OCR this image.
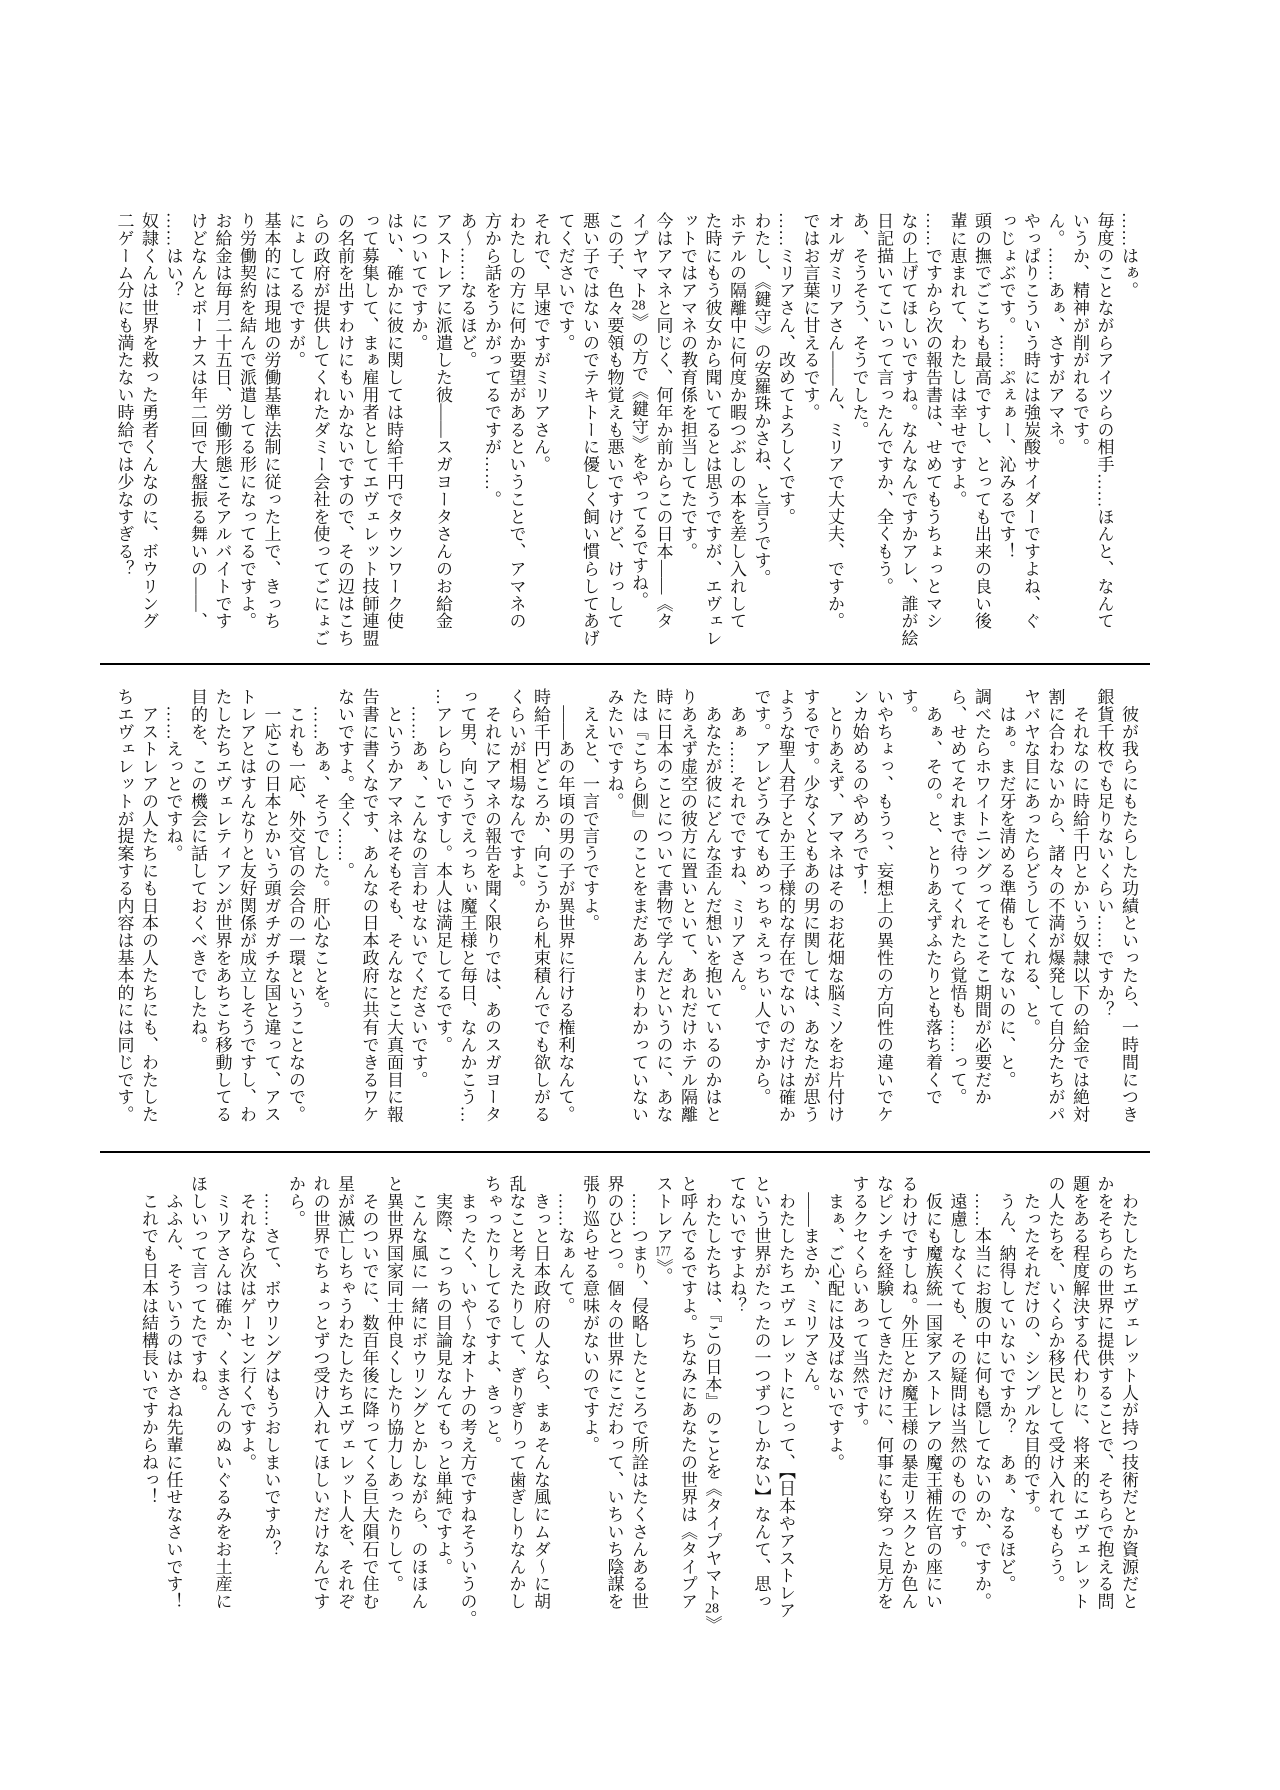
……はぁ。

毎度のことながらアイツらの相手……ほんと、なんて

いうか、精神が削がれるです。

ん。……あぁ、さすがアマネ。

やっぱりこういう時には強炭酸サイダーですよね、ぐ

っじょぶです。……ぷぇぁー、沁みるです！

頭の撫でごこちも最高ですし、とっても出来の良い後

輩に恵まれて、わたしは幸せですよ。

……ですから次の報告書は、せめてもうちょっとマシ

なの上げてほしいですね。なんなんですかアレ、誰が絵

日記描いてこいって言ったんですか、全くもう。

あ、そうそう、そうでした。

オルガミリアさん――ん、ミリアで大丈夫、ですか。

ではお言葉に甘えるです。

……ミリアさん、改めてよろしくです。

わたし、《鍵守》の安羅珠かさね、と言うです。

ホテルの隔離中に何度か暇つぶしの本を差し入れして

た時にもう彼女から聞いてるとは思うですが、エヴェレ

ットではアマネの教育係を担当してたです。

今はアマネと同じく、何年か前からこの日本――《タ

イプヤマト28》の方で《鍵守》をやってるですね。

この子、色々要領も物覚えも悪いですけど、けっして

悪い子ではないのでテキトーに優しく飼い慣らしてあげ

てくださいです。

それで、早速ですがミリアさん。

わたしの方に何か要望があるということで、アマネの

方から話をうかがってるですが……。

あ〜……なるほど。

アストレアに派遣した彼――スガヨータさんのお給金

についてですか。

はい、確かに彼に関しては時給千円でタウンワーク使

って募集して、まぁ雇用者としてエヴェレット技師連盟

の名前を出すわけにもいかないですので、その辺はこち

らの政府が提供してくれたダミー会社を使ってごにょご

にょしてるですが。

基本的には現地の労働基準法制に従った上で、きっち

り労働契約を結んで派遣してる形になってるですよ。

お給金は毎月二十五日、労働形態こそアルバイトです

けどなんとボーナスは年二回で大盤振る舞いの――、

……はい？

奴隷くんは世界を救った勇者くんなのに、ボウリング

二ゲーム分にも満たない時給では少なすぎる？

　彼が我らにもたらした功績といったら、一時間につき

銀貨千枚でも足りないくらい……ですか？

　それなのに時給千円とかいう奴隷以下の給金では絶対

割に合わないから、諸々の不満が爆発して自分たちがパ

ヤバヤな目にあったらどうしてくれる、と。

　はぁ。まだ牙を清める準備もしてないのに、と。

調べたらホワイトニングってそこそこ期間が必要だか

ら、せめてそれまで待ってくれたら覚悟も……って。

　あぁ、その。と、とりあえずふたりとも落ち着くです。

いやちょっ、もうっ、妄想上の異性の方向性の違いでケ

ンカ始めるのやめろです！

　とりあえず、アマネはそのお花畑な脳ミソをお片付け

するです。少なくともあの男に関しては、あなたが思う

ような聖人君子とか王子様的な存在でないのだけは確か

です。アレどうみてもめっちゃえっちぃ人ですから。

　あぁ……それでですね、ミリアさん。

　あなたが彼にどんな歪んだ想いを抱いているのかはと

りあえず虚空の彼方に置いといて、あれだけホテル隔離

時に日本のことについて書物で学んだというのに、あな

たは『こちら側』のことをまだあんまりわかっていない

みたいですね。

　ええと、一言で言うですよ。

　――あの年頃の男の子が異世界に行ける権利なんて。

時給千円どころか、向こうから札束積んででも欲しがる

くらいが相場なんですよ。

　それにアマネの報告を聞く限りでは、あのスガヨータ

って男、向こうでえっちぃ魔王様と毎日、なんかこう…

…アレらしいですし。本人は満足してるです。

　……あぁ、こんなの言わせないでくださいです。

　というかアマネはそもそも、そんなとこ大真面目に報

告書に書くなです、あんなの日本政府に共有できるワケ

ないですよ。全く……。

　……あぁ、そうでした。肝心なことを。

　これも一応、外交官の会合の一環ということなので。

　一応この日本とかいう頭ガチガチな国と違って、アス

トレアとはすんなりと友好関係が成立しそうですし、わ

たしたちエヴェレティアンが世界をあちこち移動してる

目的を、この機会に話しておくべきでしたね。

　……えっとですね。

　アストレアの人たちにも日本の人たちにも、わたした

ちエヴェレットが提案する内容は基本的には同じです。

　わたしたちエヴェレット人が持つ技術だとか資源だと

かをそちらの世界に提供することで、そちらで抱える問

題をある程度解決する代わりに、将来的にエヴェレット

の人たちを、いくらか移民として受け入れてもらう。

　たったそれだけの、シンプルな目的です。

　うん、納得していないですか？　あぁ、なるほど。

　……本当にお腹の中に何も隠してないのか、ですか。

　遠慮しなくても、その疑問は当然のものです。

　仮にも魔族統一国家アストレアの魔王補佐官の座にい

るわけですしね。外圧とか魔王様の暴走リスクとか色ん

なピンチを経験してきただけに、何事にも穿った見方を

するクセくらいあって当然です。

　まぁ、ご心配には及ばないですよ。

　――まさか、ミリアさん。

　わたしたちエヴェレットにとって、【日本やアストレア

という世界がたったの一つずつしかない】なんて、思っ

てないですよね？

　わたしたちは、『この日本』のことを《タイプヤマト28》

と呼んでるですよ。ちなみにあなたの世界は《タイプア

ストレア177》。

　……つまり、侵略したところで所詮はたくさんある世

界のひとつ。個々の世界にこだわって、いちいち陰謀を

張り巡らせる意味がないのですよ。

　……なぁんて。

　きっと日本政府の人なら、まぁそんな風にムダ〜に胡

乱なこと考えたりして、ぎりぎりって歯ぎしりなんかし

ちゃったりしてるですよ、きっと。

　まったく、いや〜なオトナの考え方ですねそういうの。

　実際、こっちの目論見なんてもっと単純ですよ。

　こんな風に一緒にボウリングとかしながら、のほほん

と異世界国家同士仲良くしたり協力しあったりして。

　そのついでに、数百年後に降ってくる巨大隕石で住む

星が滅亡しちゃうわたしたちエヴェレット人を、それぞ

れの世界でちょっとずつ受け入れてほしいだけなんです

から。

　……さて、ボウリングはもうおしまいですか？

　それなら次はゲーセン行くですよ。

　ミリアさんは確か、くまさんのぬいぐるみをお土産に

ほしいって言ってたですね。

　ふふん、そういうのはかさね先輩に任せなさいです！

　これでも日本は結構長いですからねっ！
